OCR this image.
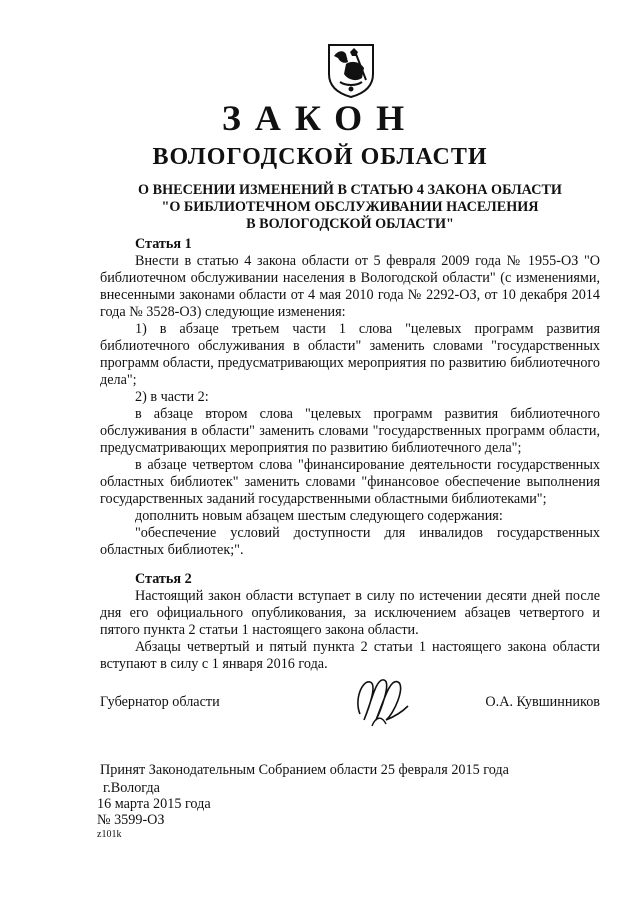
ЗАКОН
ВОЛОГОДСКОЙ ОБЛАСТИ
О ВНЕСЕНИИ ИЗМЕНЕНИЙ В СТАТЬЮ 4 ЗАКОНА ОБЛАСТИ
"О БИБЛИОТЕЧНОМ ОБСЛУЖИВАНИИ НАСЕЛЕНИЯ
В ВОЛОГОДСКОЙ ОБЛАСТИ"

Статья 1

Внести в статью 4 закона области от 5 февраля 2009 года № 1955-ОЗ "О библиотечном обслуживании населения в Вологодской области" (с изменениями, внесенными законами области от 4 мая 2010 года № 2292-ОЗ, от 10 декабря 2014 года № 3528-ОЗ) следующие изменения:

1) в абзаце третьем части 1 слова "целевых программ развития библиотечного обслуживания в области" заменить словами "государственных программ области, предусматривающих мероприятия по развитию библиотечного дела";

2) в части 2:

в абзаце втором слова "целевых программ развития библиотечного обслуживания в области" заменить словами "государственных программ области, предусматривающих мероприятия по развитию библиотечного дела";

в абзаце четвертом слова "финансирование деятельности государственных областных библиотек" заменить словами "финансовое обеспечение выполнения государственных заданий государственными областными библиотеками";

дополнить новым абзацем шестым следующего содержания:

"обеспечение условий доступности для инвалидов государственных областных библиотек;".

Статья 2

Настоящий закон области вступает в силу по истечении десяти дней после дня его официального опубликования, за исключением абзацев четвертого и пятого пункта 2 статьи 1 настоящего закона области.

Абзацы четвертый и пятый пункта 2 статьи 1 настоящего закона области вступают в силу с 1 января 2016 года.

Губернатор области	О.А. Кувшинников
Принят Законодательным Собранием области 25 февраля 2015 года
г.Вологда
16 марта 2015 года
№ 3599-ОЗ
z101k
